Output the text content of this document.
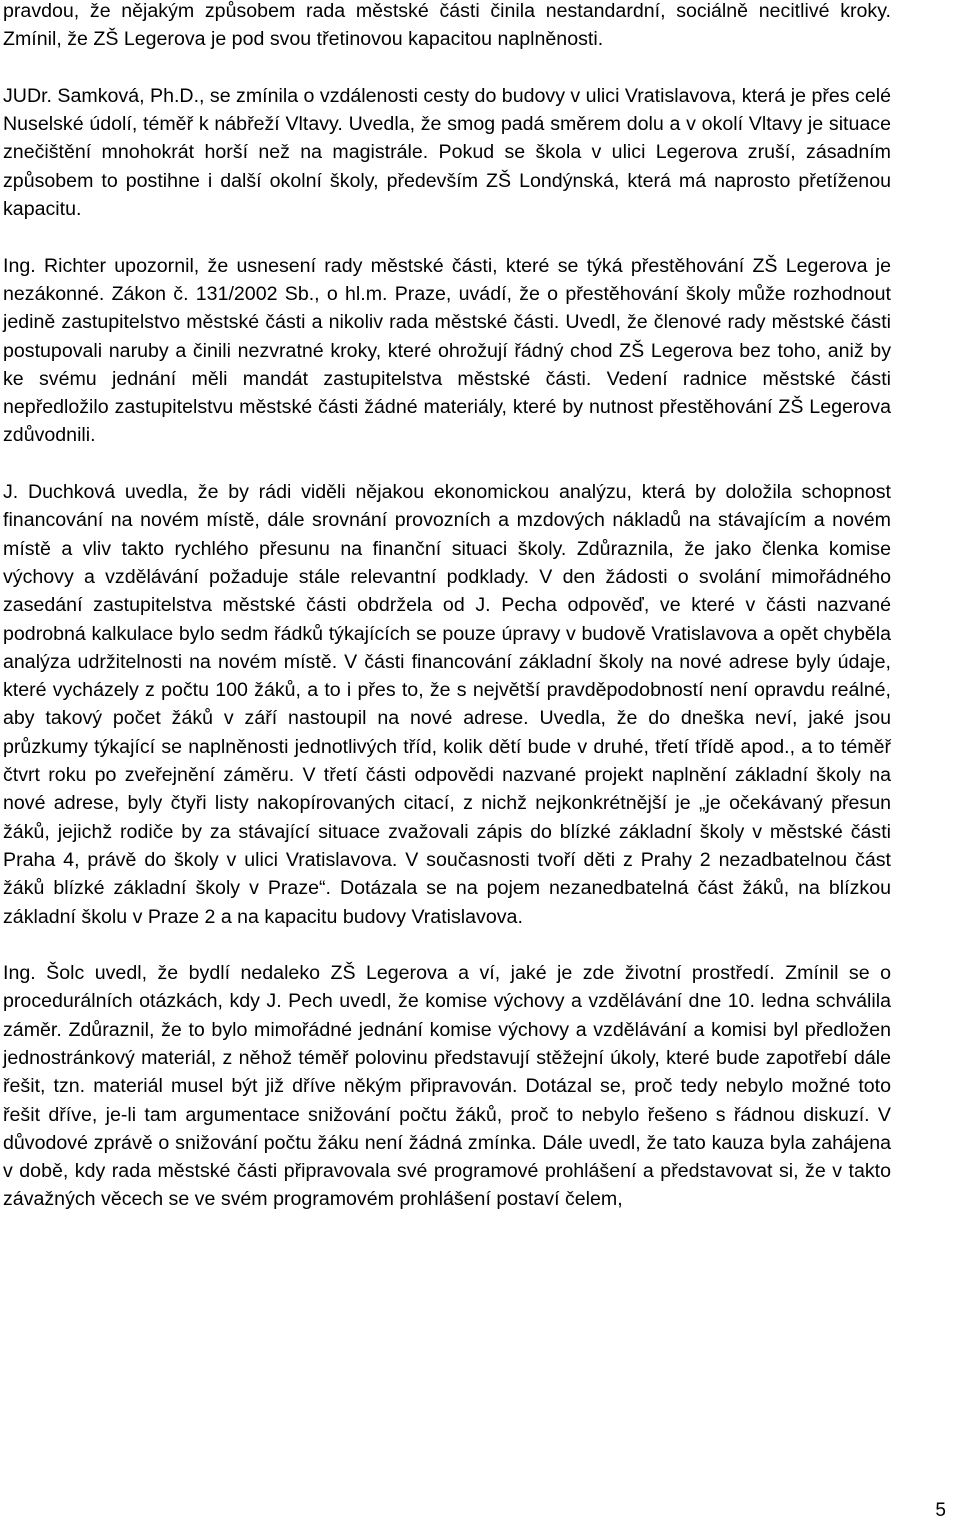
pravdou, že nějakým způsobem rada městské části činila nestandardní, sociálně necitlivé kroky. Zmínil, že ZŠ Legerova je pod svou třetinovou kapacitou naplněnosti.

JUDr. Samková, Ph.D., se zmínila o vzdálenosti cesty do budovy v ulici Vratislavova, která je přes celé Nuselské údolí, téměř k nábřeží Vltavy. Uvedla, že smog padá směrem dolu a v okolí Vltavy je situace znečištění mnohokrát horší než na magistrále. Pokud se škola v ulici Legerova zruší, zásadním způsobem to postihne i další okolní školy, především ZŠ Londýnská, která má naprosto přetíženou kapacitu.

Ing. Richter upozornil, že usnesení rady městské části, které se týká přestěhování ZŠ Legerova je nezákonné. Zákon č. 131/2002 Sb., o hl.m. Praze, uvádí, že o přestěhování školy může rozhodnout jedině zastupitelstvo městské části a nikoliv rada městské části. Uvedl, že členové rady městské části postupovali naruby a činili nezvratné kroky, které ohrožují řádný chod ZŠ Legerova bez toho, aniž by ke svému jednání měli mandát zastupitelstva městské části. Vedení radnice městské části nepředložilo zastupitelstvu městské části žádné materiály, které by nutnost přestěhování ZŠ Legerova zdůvodnili.

J. Duchková uvedla, že by rádi viděli nějakou ekonomickou analýzu, která by doložila schopnost financování na novém místě, dále srovnání provozních a mzdových nákladů na stávajícím a novém místě a vliv takto rychlého přesunu na finanční situaci školy. Zdůraznila, že jako členka komise výchovy a vzdělávání požaduje stále relevantní podklady. V den žádosti o svolání mimořádného zasedání zastupitelstva městské části obdržela od J. Pecha odpověď, ve které v části nazvané podrobná kalkulace bylo sedm řádků týkajících se pouze úpravy v budově Vratislavova a opět chyběla analýza udržitelnosti na novém místě. V části financování základní školy na nové adrese byly údaje, které vycházely z počtu 100 žáků, a to i přes to, že s největší pravděpodobností není opravdu reálné, aby takový počet žáků v září nastoupil na nové adrese. Uvedla, že do dneška neví, jaké jsou průzkumy týkající se naplněnosti jednotlivých tříd, kolik dětí bude v druhé, třetí třídě apod., a to téměř čtvrt roku po zveřejnění záměru. V třetí části odpovědi nazvané projekt naplnění základní školy na nové adrese, byly čtyři listy nakopírovaných citací, z nichž nejkonkrétnější je „je očekávaný přesun žáků, jejichž rodiče by za stávající situace zvažovali zápis do blízké základní školy v městské části Praha 4, právě do školy v ulici Vratislavova. V současnosti tvoří děti z Prahy 2 nezadbatelnou část žáků blízké základní školy v Praze“. Dotázala se na pojem nezanedbatelná část žáků, na blízkou základní školu v Praze 2 a na kapacitu budovy Vratislavova.

Ing. Šolc uvedl, že bydlí nedaleko ZŠ Legerova a ví, jaké je zde životní prostředí. Zmínil se o procedurálních otázkách, kdy J. Pech uvedl, že komise výchovy a vzdělávání dne 10. ledna schválila záměr. Zdůraznil, že to bylo mimořádné jednání komise výchovy a vzdělávání a komisi byl předložen jednostránkový materiál, z něhož téměř polovinu představují stěžejní úkoly, které bude zapotřebí dále řešit, tzn. materiál musel být již dříve někým připravován. Dotázal se, proč tedy nebylo možné toto řešit dříve, je-li tam argumentace snižování počtu žáků, proč to nebylo řešeno s řádnou diskuzí. V důvodové zprávě o snižování počtu žáku není žádná zmínka. Dále uvedl, že tato kauza byla zahájena v době, kdy rada městské části připravovala své programové prohlášení a představovat si, že v takto závažných věcech se ve svém programovém prohlášení postaví čelem,

5
